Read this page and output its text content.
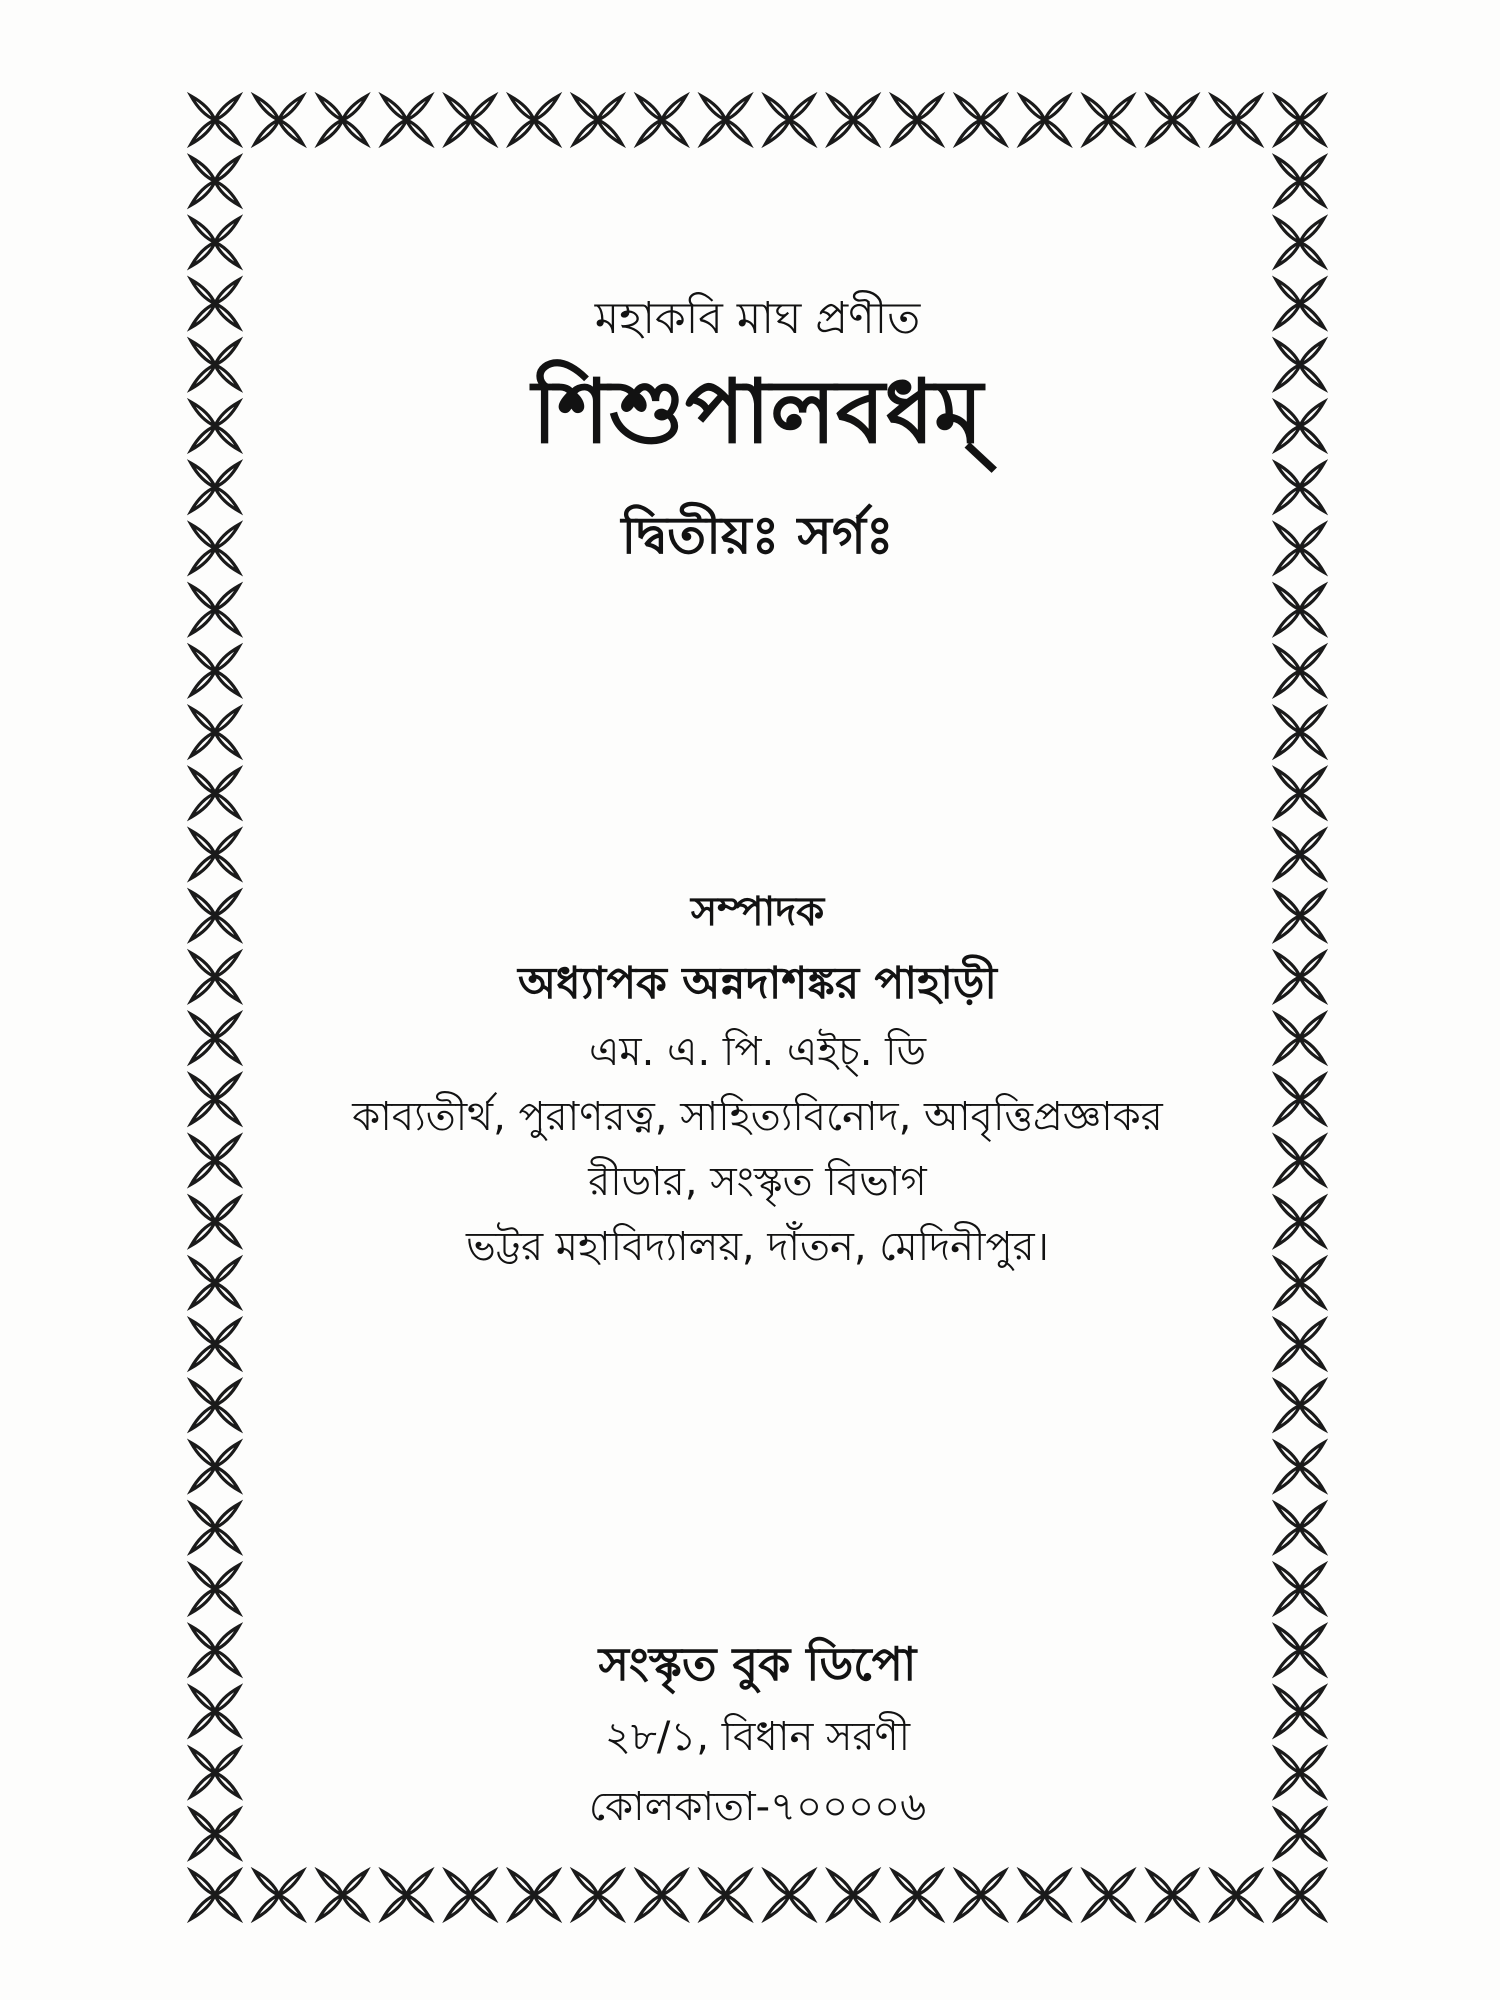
মহাকবি মাঘ প্রণীত
শিশুপালবধম্
দ্বিতীয়ঃ সর্গঃ
সম্পাদক
অধ্যাপক অন্নদাশঙ্কর পাহাড়ী
এম. এ. পি. এইচ্. ডি
কাব্যতীর্থ, পুরাণরত্ন, সাহিত্যবিনোদ, আবৃত্তিপ্রজ্ঞাকর
রীডার, সংস্কৃত বিভাগ
ভট্টর মহাবিদ্যালয়, দাঁতন, মেদিনীপুর।
সংস্কৃত বুক ডিপো
২৮/১, বিধান সরণী
কোলকাতা-৭০০০০৬
